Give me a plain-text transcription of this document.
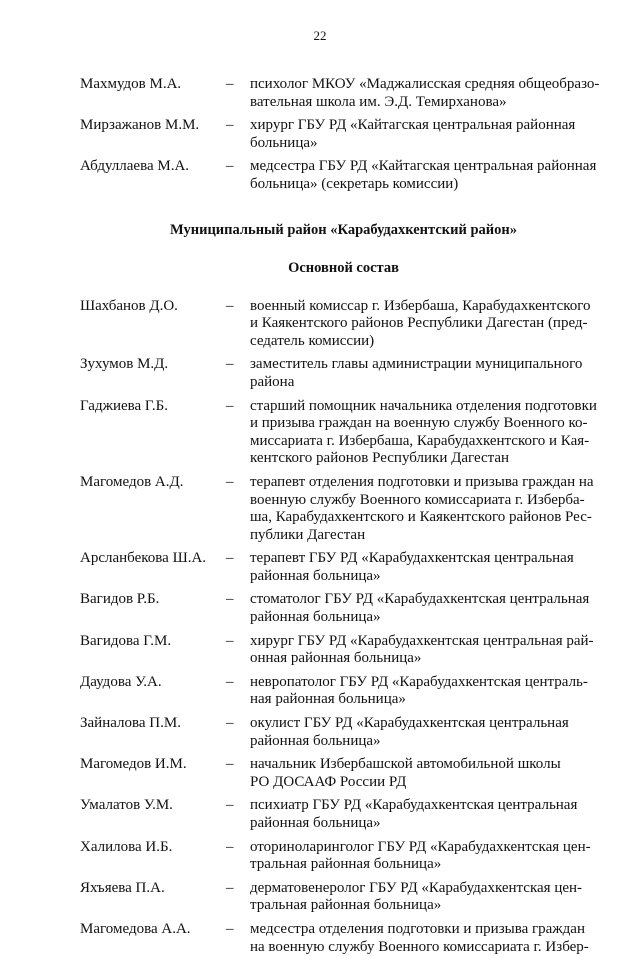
22
Махмудов М.А.	–	психолог МКОУ «Маджалисская средняя общеобразо-
вательная школа им. Э.Д. Темирханова»
Мирзажанов М.М.	–	хирург ГБУ РД «Кайтагская центральная районная
больница»
Абдуллаева М.А.	–	медсестра ГБУ РД «Кайтагская центральная районная
больница» (секретарь комиссии)
Муниципальный район «Карабудахкентский район»
Основной состав
Шахбанов Д.О.	–	военный комиссар г. Избербаша, Карабудахкентского
и Каякентского районов Республики Дагестан (пред-
седатель комиссии)
Зухумов М.Д.	–	заместитель главы администрации муниципального
района
Гаджиева Г.Б.	–	старший помощник начальника отделения подготовки
и призыва граждан на военную службу Военного ко-
миссариата г. Избербаша, Карабудахкентского и Кая-
кентского районов Республики Дагестан
Магомедов А.Д.	–	терапевт отделения подготовки и призыва граждан на
военную службу Военного комиссариата г. Избербa-
ша, Карабудахкентского и Каякентского районов Рес-
публики Дагестан
Арсланбекова Ш.А.	–	терапевт ГБУ РД «Карабудахкентская центральная
районная больница»
Вагидов Р.Б.	–	стоматолог ГБУ РД «Карабудахкентская центральная
районная больница»
Вагидова Г.М.	–	хирург ГБУ РД «Карабудахкентская центральная рай-
онная районная больница»
Даудова У.А.	–	невропатолог ГБУ РД «Карабудахкентская централь-
ная районная больница»
Зайналова П.М.	–	окулист ГБУ РД «Карабудахкентская центральная
районная больница»
Магомедов И.М.	–	начальник Избербашской автомобильной школы
РО ДОСААФ России РД
Умалатов У.М.	–	психиатр ГБУ РД «Карабудахкентская центральная
районная больница»
Халилова И.Б.	–	оториноларинголог ГБУ РД «Карабудахкентская цен-
тральная районная больница»
Яхъяева П.А.	–	дерматовенеролог ГБУ РД «Карабудахкентская цен-
тральная районная больница»
Магомедова А.А.	–	медсестра отделения подготовки и призыва граждан
на военную службу Военного комиссариата г. Избер-
